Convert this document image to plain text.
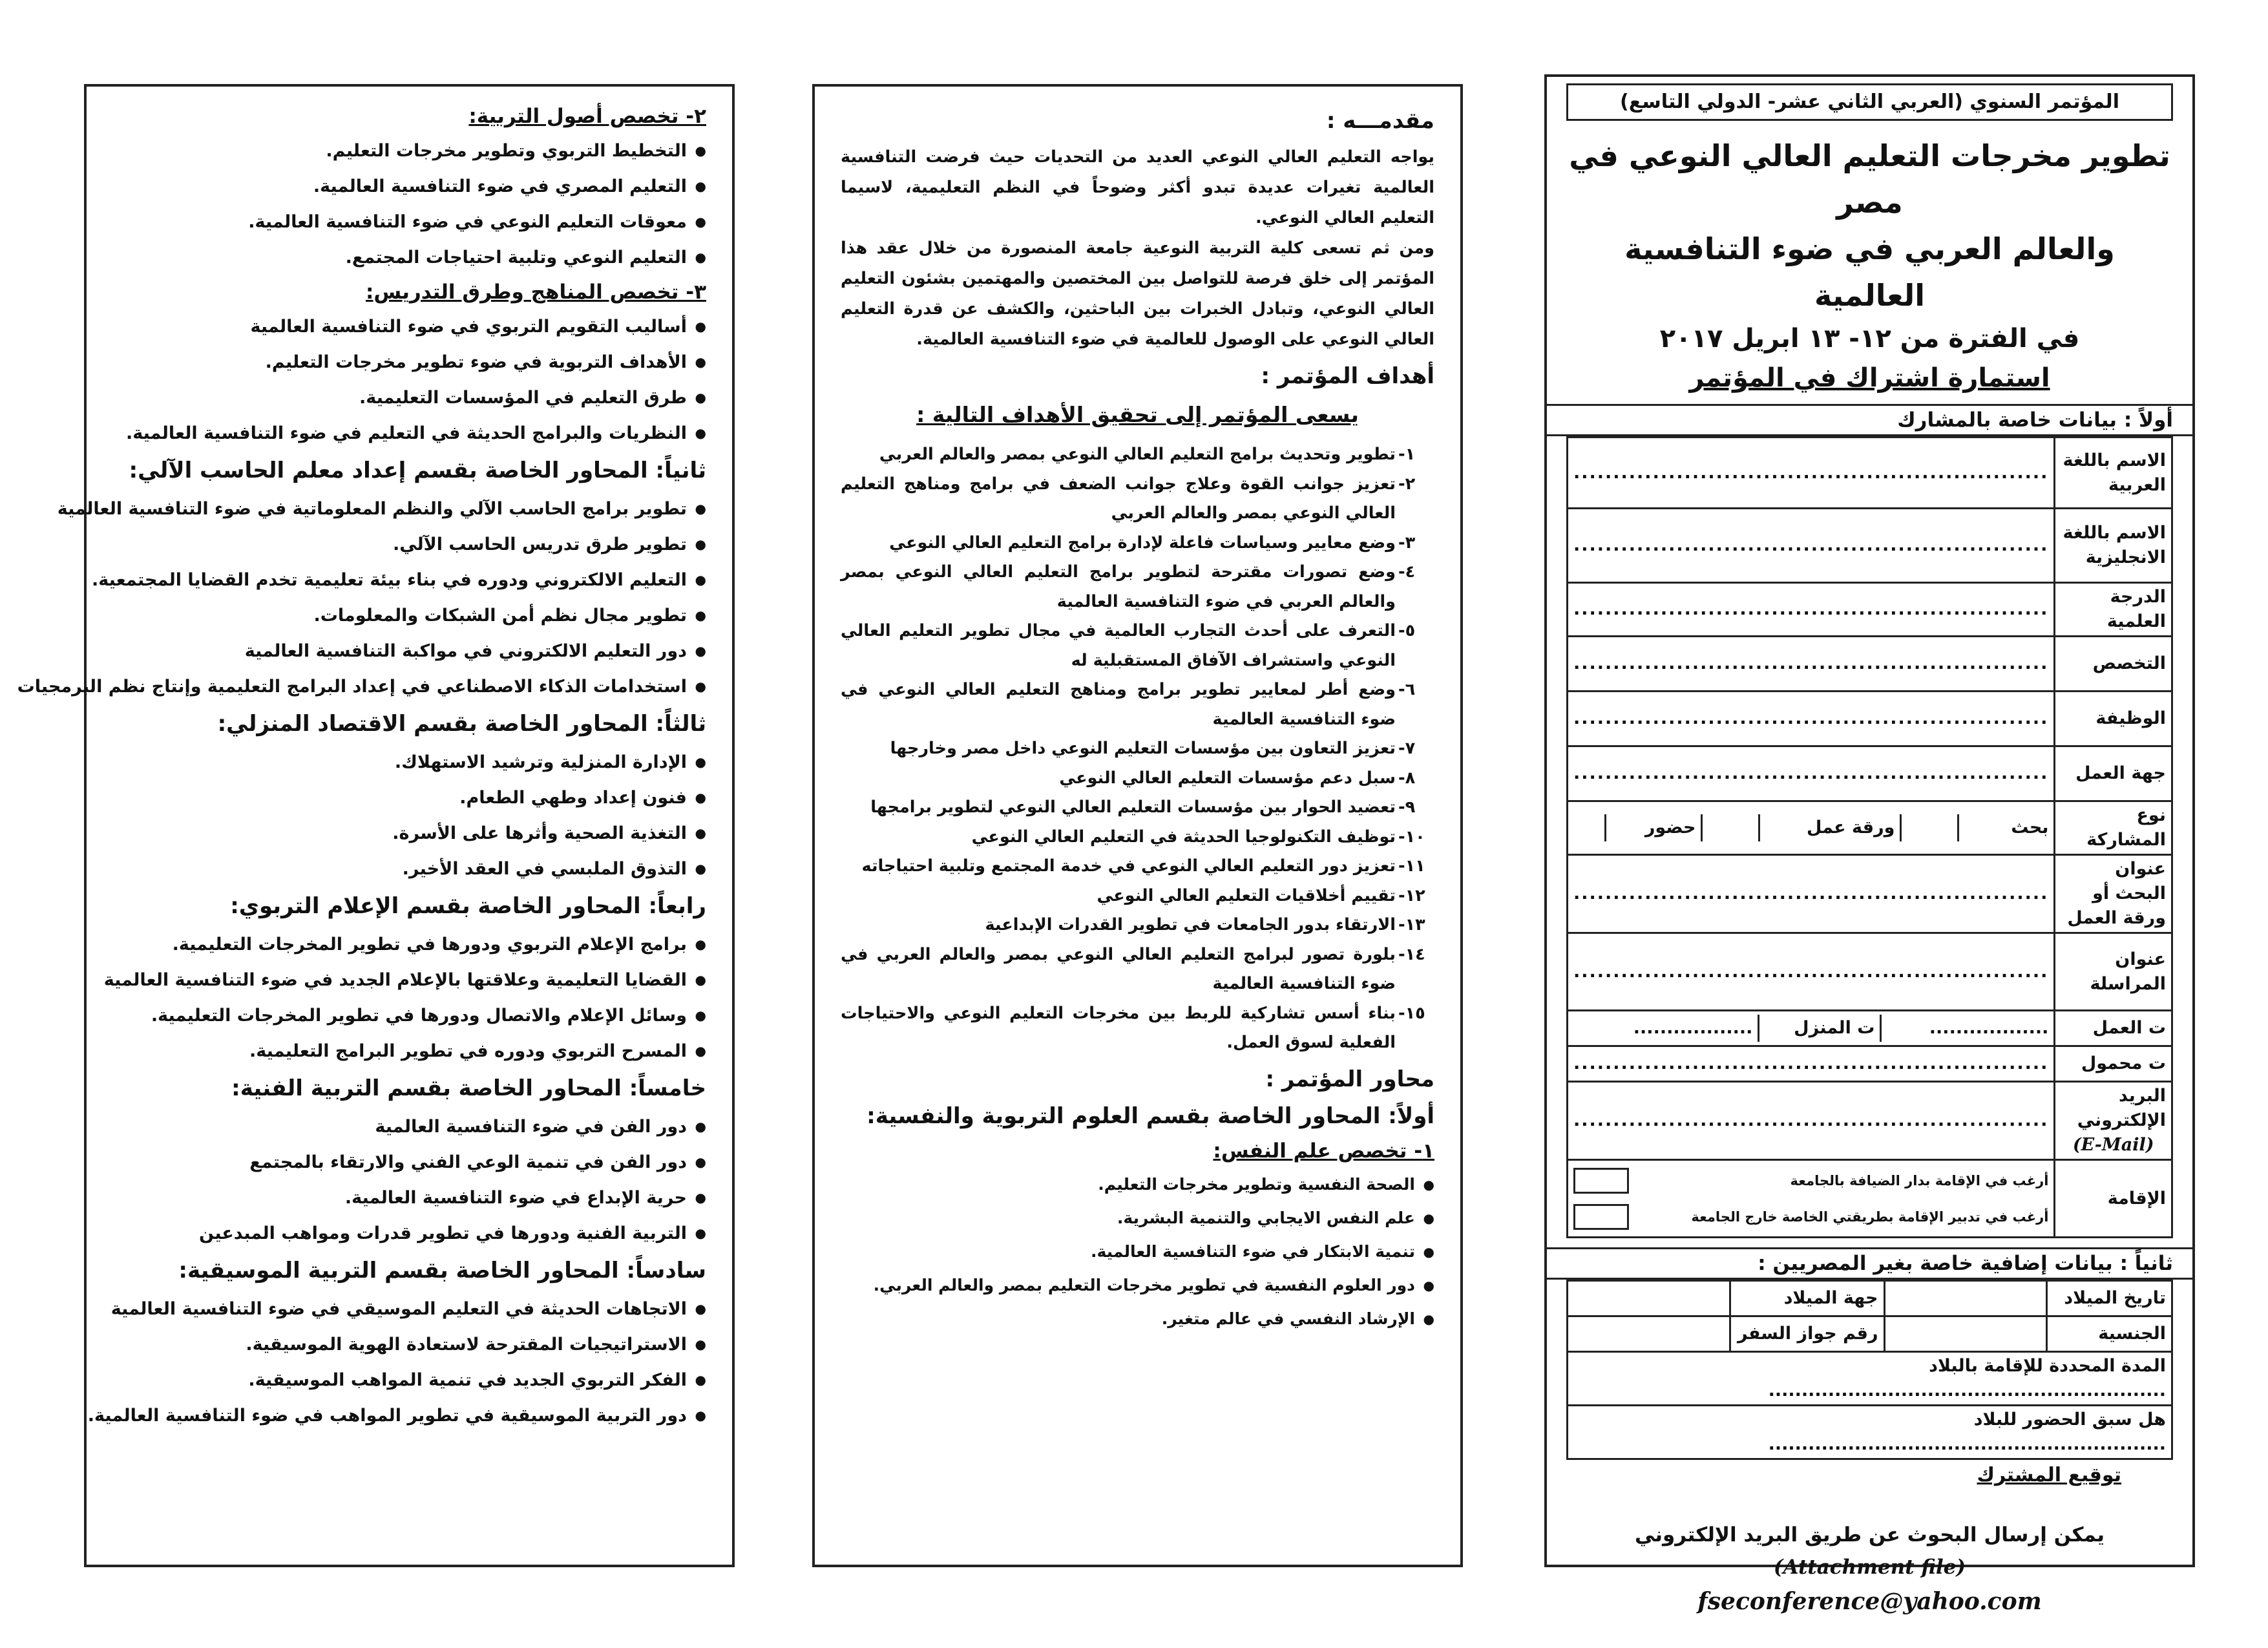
٢- تخصص أصول التربية:
● التخطيط التربوي وتطوير مخرجات التعليم.
● التعليم المصري في ضوء التنافسية العالمية.
● معوقات التعليم النوعي في ضوء التنافسية العالمية.
● التعليم النوعي وتلبية احتياجات المجتمع.
٣- تخصص المناهج وطرق التدريس:
● أساليب التقويم التربوي في ضوء التنافسية العالمية
● الأهداف التربوية في ضوء تطوير مخرجات التعليم.
● طرق التعليم في المؤسسات التعليمية.
● النظريات والبرامج الحديثة في التعليم في ضوء التنافسية العالمية.
ثانياً: المحاور الخاصة بقسم إعداد معلم الحاسب الآلي:
● تطوير برامج الحاسب الآلي والنظم المعلوماتية في ضوء التنافسية العالمية
● تطوير طرق تدريس الحاسب الآلي.
● التعليم الالكتروني ودوره في بناء بيئة تعليمية تخدم القضايا المجتمعية.
● تطوير مجال نظم أمن الشبكات والمعلومات.
● دور التعليم الالكتروني في مواكبة التنافسية العالمية
● استخدامات الذكاء الاصطناعي في إعداد البرامج التعليمية وإنتاج نظم البرمجيات
ثالثاً: المحاور الخاصة بقسم الاقتصاد المنزلي:
● الإدارة المنزلية وترشيد الاستهلاك.
● فنون إعداد وطهي الطعام.
● التغذية الصحية وأثرها على الأسرة.
● التذوق الملبسي في العقد الأخير.
رابعاً: المحاور الخاصة بقسم الإعلام التربوي:
● برامج الإعلام التربوي ودورها في تطوير المخرجات التعليمية.
● القضايا التعليمية وعلاقتها بالإعلام الجديد في ضوء التنافسية العالمية
● وسائل الإعلام والاتصال ودورها في تطوير المخرجات التعليمية.
● المسرح التربوي ودوره في تطوير البرامج التعليمية.
خامساً: المحاور الخاصة بقسم التربية الفنية:
● دور الفن في ضوء التنافسية العالمية
● دور الفن في تنمية الوعي الفني والارتقاء بالمجتمع
● حرية الإبداع في ضوء التنافسية العالمية.
● التربية الفنية ودورها في تطوير قدرات ومواهب المبدعين
سادساً: المحاور الخاصة بقسم التربية الموسيقية:
● الاتجاهات الحديثة في التعليم الموسيقي في ضوء التنافسية العالمية
● الاستراتيجيات المقترحة لاستعادة الهوية الموسيقية.
● الفكر التربوي الجديد في تنمية المواهب الموسيقية.
● دور التربية الموسيقية في تطوير المواهب في ضوء التنافسية العالمية.
مقدمـــه :
يواجه التعليم العالي النوعي العديد من التحديات حيث فرضت التنافسية العالمية تغيرات عديدة تبدو أكثر وضوحاً في النظم التعليمية، لاسيما التعليم العالي النوعي.
ومن ثم تسعى كلية التربية النوعية جامعة المنصورة من خلال عقد هذا المؤتمر إلى خلق فرصة للتواصل بين المختصين والمهتمين بشئون التعليم العالي النوعي، وتبادل الخبرات بين الباحثين، والكشف عن قدرة التعليم العالي النوعي على الوصول للعالمية في ضوء التنافسية العالمية.
أهداف المؤتمر :
يسعى المؤتمر إلى تحقيق الأهداف التالية :
١-
تطوير وتحديث برامج التعليم العالي النوعي بمصر والعالم العربي
٢-
تعزيز جوانب القوة وعلاج جوانب الضعف في برامج ومناهج التعليم العالي النوعي بمصر والعالم العربي
٣-
وضع معايير وسياسات فاعلة لإدارة برامج التعليم العالي النوعي
٤-
وضع تصورات مقترحة لتطوير برامج التعليم العالي النوعي بمصر والعالم العربي في ضوء التنافسية العالمية
٥-
التعرف على أحدث التجارب العالمية في مجال تطوير التعليم العالي النوعي واستشراف الآفاق المستقبلية له
٦-
وضع أطر لمعايير تطوير برامج ومناهج التعليم العالي النوعي في ضوء التنافسية العالمية
٧-
تعزيز التعاون بين مؤسسات التعليم النوعي داخل مصر وخارجها
٨-
سبل دعم مؤسسات التعليم العالي النوعي
٩-
تعضيد الحوار بين مؤسسات التعليم العالي النوعي لتطوير برامجها
١٠-
توظيف التكنولوجيا الحديثة في التعليم العالي النوعي
١١-
تعزيز دور التعليم العالي النوعي في خدمة المجتمع وتلبية احتياجاته
١٢-
تقييم أخلاقيات التعليم العالي النوعي
١٣-
الارتقاء بدور الجامعات في تطوير القدرات الإبداعية
١٤-
بلورة تصور لبرامج التعليم العالي النوعي بمصر والعالم العربي في ضوء التنافسية العالمية
١٥-
بناء أسس تشاركية للربط بين مخرجات التعليم النوعي والاحتياجات الفعلية لسوق العمل.
محاور المؤتمر :
أولاً: المحاور الخاصة بقسم العلوم التربوية والنفسية:
١- تخصص علم النفس:
● الصحة النفسية وتطوير مخرجات التعليم.
● علم النفس الايجابي والتنمية البشرية.
● تنمية الابتكار في ضوء التنافسية العالمية.
● دور العلوم النفسية في تطوير مخرجات التعليم بمصر والعالم العربي.
● الإرشاد النفسي في عالم متغير.
المؤتمر السنوي (العربي الثاني عشر- الدولي التاسع)
تطوير مخرجات التعليم العالي النوعي في مصر
والعالم العربي في ضوء التنافسية العالمية
في الفترة من ١٢- ١٣ ابريل ٢٠١٧
استمارة اشتراك في المؤتمر
أولاً : بيانات خاصة بالمشارك
الاسم باللغة العربية	
............................................................

الاسم باللغة الانجليزية	
............................................................

الدرجة العلمية	
............................................................

التخصص	
............................................................

الوظيفة	
............................................................

جهة العمل	
............................................................

نوع المشاركة	
بحث		ورقة عمل		حضور	

عنوان البحث أو ورقة العمل	
............................................................

عنوان المراسلة	
............................................................

ت العمل	
..................	ت المنزل	..................

ت محمول	
............................................................

البريد الإلكتروني
(E-Mail)

............................................................

الإقامة	
أرغب في الإقامة بدار الضيافة بالجامعة
أرغب في تدبير الإقامة بطريقتي الخاصة خارج الجامعة
ثانياً : بيانات إضافية خاصة بغير المصريين :
تاريخ الميلاد		جهة الميلاد	
الجنسية		رقم جواز السفر	
المدة المحددة للإقامة بالبلاد ............................................................			
هل سبق الحضور للبلاد ............................................................			
توقيع المشترك
يمكن إرسال البحوث عن طريق البريد الإلكتروني
(Attachment file)
fseconference@yahoo.com
